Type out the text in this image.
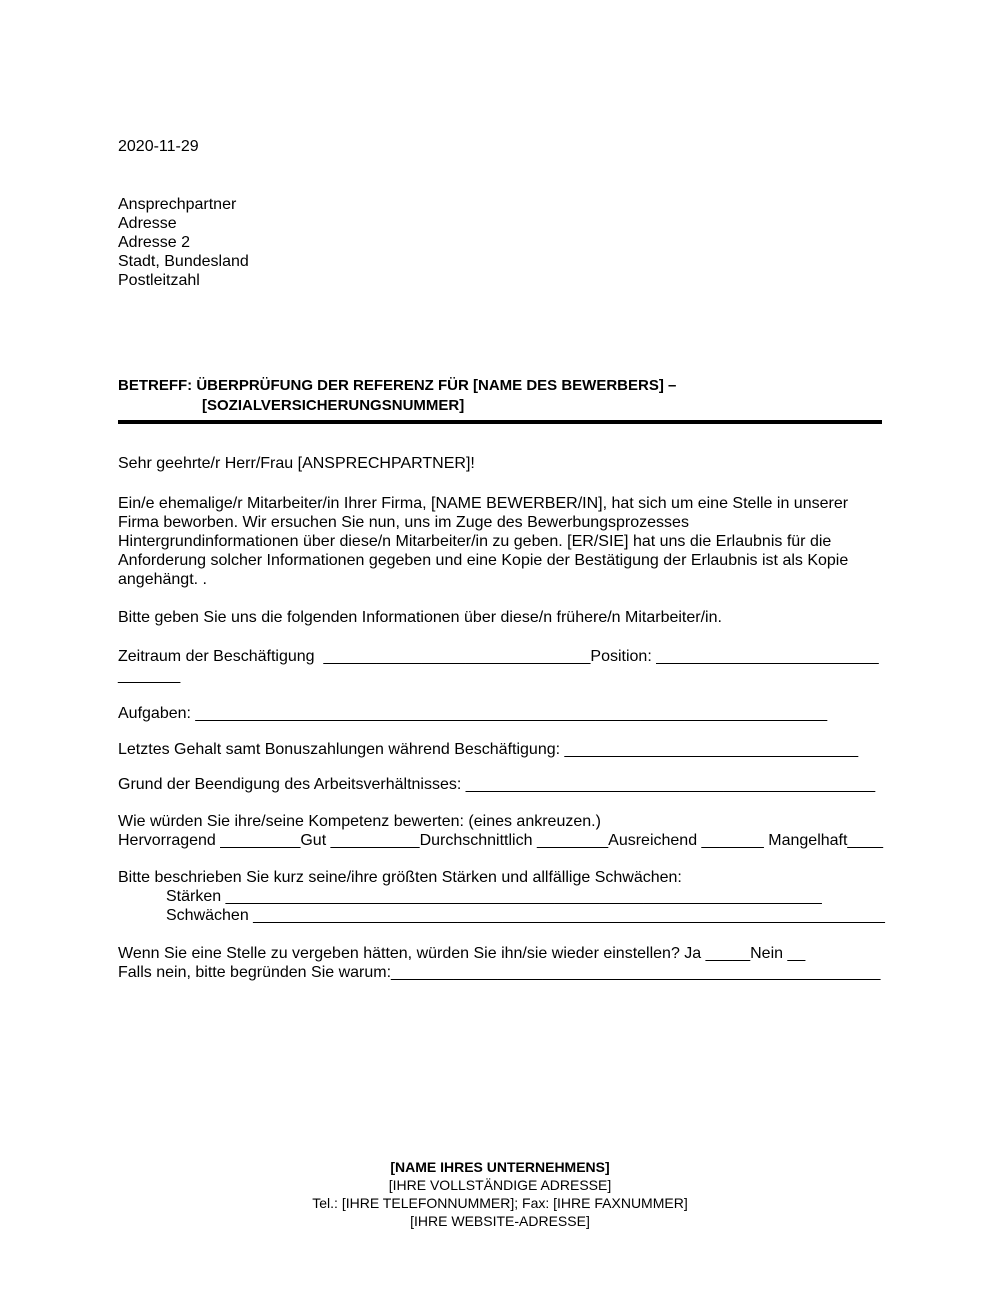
2020-11-29
Ansprechpartner
Adresse
Adresse 2
Stadt, Bundesland
Postleitzahl
BETREFF: ÜBERPRÜFUNG DER REFERENZ FÜR [NAME DES BEWERBERS] –
[SOZIALVERSICHERUNGSNUMMER]
Sehr geehrte/r Herr/Frau [ANSPRECHPARTNER]!
Ein/e ehemalige/r Mitarbeiter/in Ihrer Firma, [NAME BEWERBER/IN], hat sich um eine Stelle in unserer
Firma beworben. Wir ersuchen Sie nun, uns im Zuge des Bewerbungsprozesses
Hintergrundinformationen über diese/n Mitarbeiter/in zu geben. [ER/SIE] hat uns die Erlaubnis für die
Anforderung solcher Informationen gegeben und eine Kopie der Bestätigung der Erlaubnis ist als Kopie
angehängt. .
Bitte geben Sie uns die folgenden Informationen über diese/n frühere/n Mitarbeiter/in.
Zeitraum der Beschäftigung  ______________________________Position: _________________________
_______
Aufgaben: _______________________________________________________________________
Letztes Gehalt samt Bonuszahlungen während Beschäftigung: _________________________________
Grund der Beendigung des Arbeitsverhältnisses: ______________________________________________
Wie würden Sie ihre/seine Kompetenz bewerten: (eines ankreuzen.)
Hervorragend _________Gut __________Durchschnittlich ________Ausreichend _______ Mangelhaft____
Bitte beschrieben Sie kurz seine/ihre größten Stärken und allfällige Schwächen:
Stärken ___________________________________________________________________
Schwächen _______________________________________________________________________
Wenn Sie eine Stelle zu vergeben hätten, würden Sie ihn/sie wieder einstellen? Ja _____Nein __
Falls nein, bitte begründen Sie warum:_______________________________________________________
[NAME IHRES UNTERNEHMENS]
[IHRE VOLLSTÄNDIGE ADRESSE]
Tel.: [IHRE TELEFONNUMMER]; Fax: [IHRE FAXNUMMER]
[IHRE WEBSITE-ADRESSE]
